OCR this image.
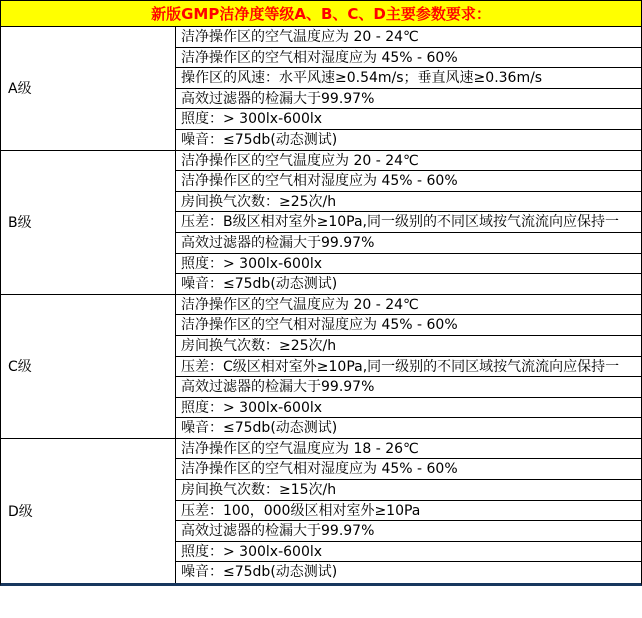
新版GMP洁净度等级A、B、C、D主要参数要求：
A级
洁净操作区的空气温度应为 20 - 24℃
洁净操作区的空气相对湿度应为 45% - 60%
操作区的风速：水平风速≥0.54m/s；垂直风速≥0.36m/s
高效过滤器的检漏大于99.97%
照度：> 300lx-600lx
噪音：≤75db(动态测试)
B级
洁净操作区的空气温度应为 20 - 24℃
洁净操作区的空气相对湿度应为 45% - 60%
房间换气次数：≥25次/h
压差：B级区相对室外≥10Pa,同一级别的不同区域按气流流向应保持一
高效过滤器的检漏大于99.97%
照度：> 300lx-600lx
噪音：≤75db(动态测试)
C级
洁净操作区的空气温度应为 20 - 24℃
洁净操作区的空气相对湿度应为 45% - 60%
房间换气次数：≥25次/h
压差：C级区相对室外≥10Pa,同一级别的不同区域按气流流向应保持一
高效过滤器的检漏大于99.97%
照度：> 300lx-600lx
噪音：≤75db(动态测试)
D级
洁净操作区的空气温度应为 18 - 26℃
洁净操作区的空气相对湿度应为 45% - 60%
房间换气次数：≥15次/h
压差：100，000级区相对室外≥10Pa
高效过滤器的检漏大于99.97%
照度：> 300lx-600lx
噪音：≤75db(动态测试)
